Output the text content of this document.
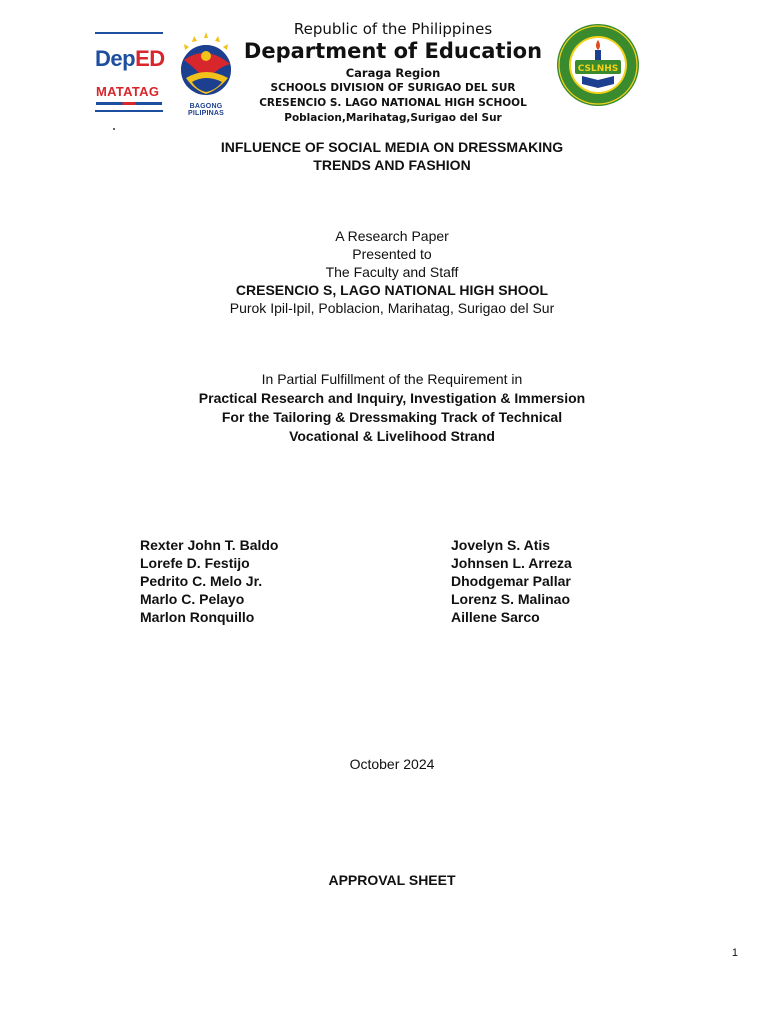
DepED
MATATAG
BAGONG PILIPINAS
Republic of the Philippines
Department of Education
Caraga Region
SCHOOLS DIVISION OF SURIGAO DEL SUR
CRESENCIO S. LAGO NATIONAL HIGH SCHOOL
Poblacion,Marihatag,Surigao del Sur
CSLNHS
INFLUENCE OF SOCIAL MEDIA ON DRESSMAKING
TRENDS AND FASHION
A Research Paper
Presented to
The Faculty and Staff
CRESENCIO S, LAGO NATIONAL HIGH SHOOL
Purok Ipil-Ipil, Poblacion, Marihatag, Surigao del Sur
In Partial Fulfillment of the Requirement in
Practical Research and Inquiry, Investigation & Immersion
For the Tailoring & Dressmaking Track of Technical
Vocational & Livelihood Strand
Rexter John T. Baldo
Lorefe D. Festijo
Pedrito C. Melo Jr.
Marlo C. Pelayo
Marlon Ronquillo
Jovelyn S. Atis
Johnsen L. Arreza
Dhodgemar Pallar
Lorenz S. Malinao
Aillene Sarco
October 2024
APPROVAL SHEET
1
